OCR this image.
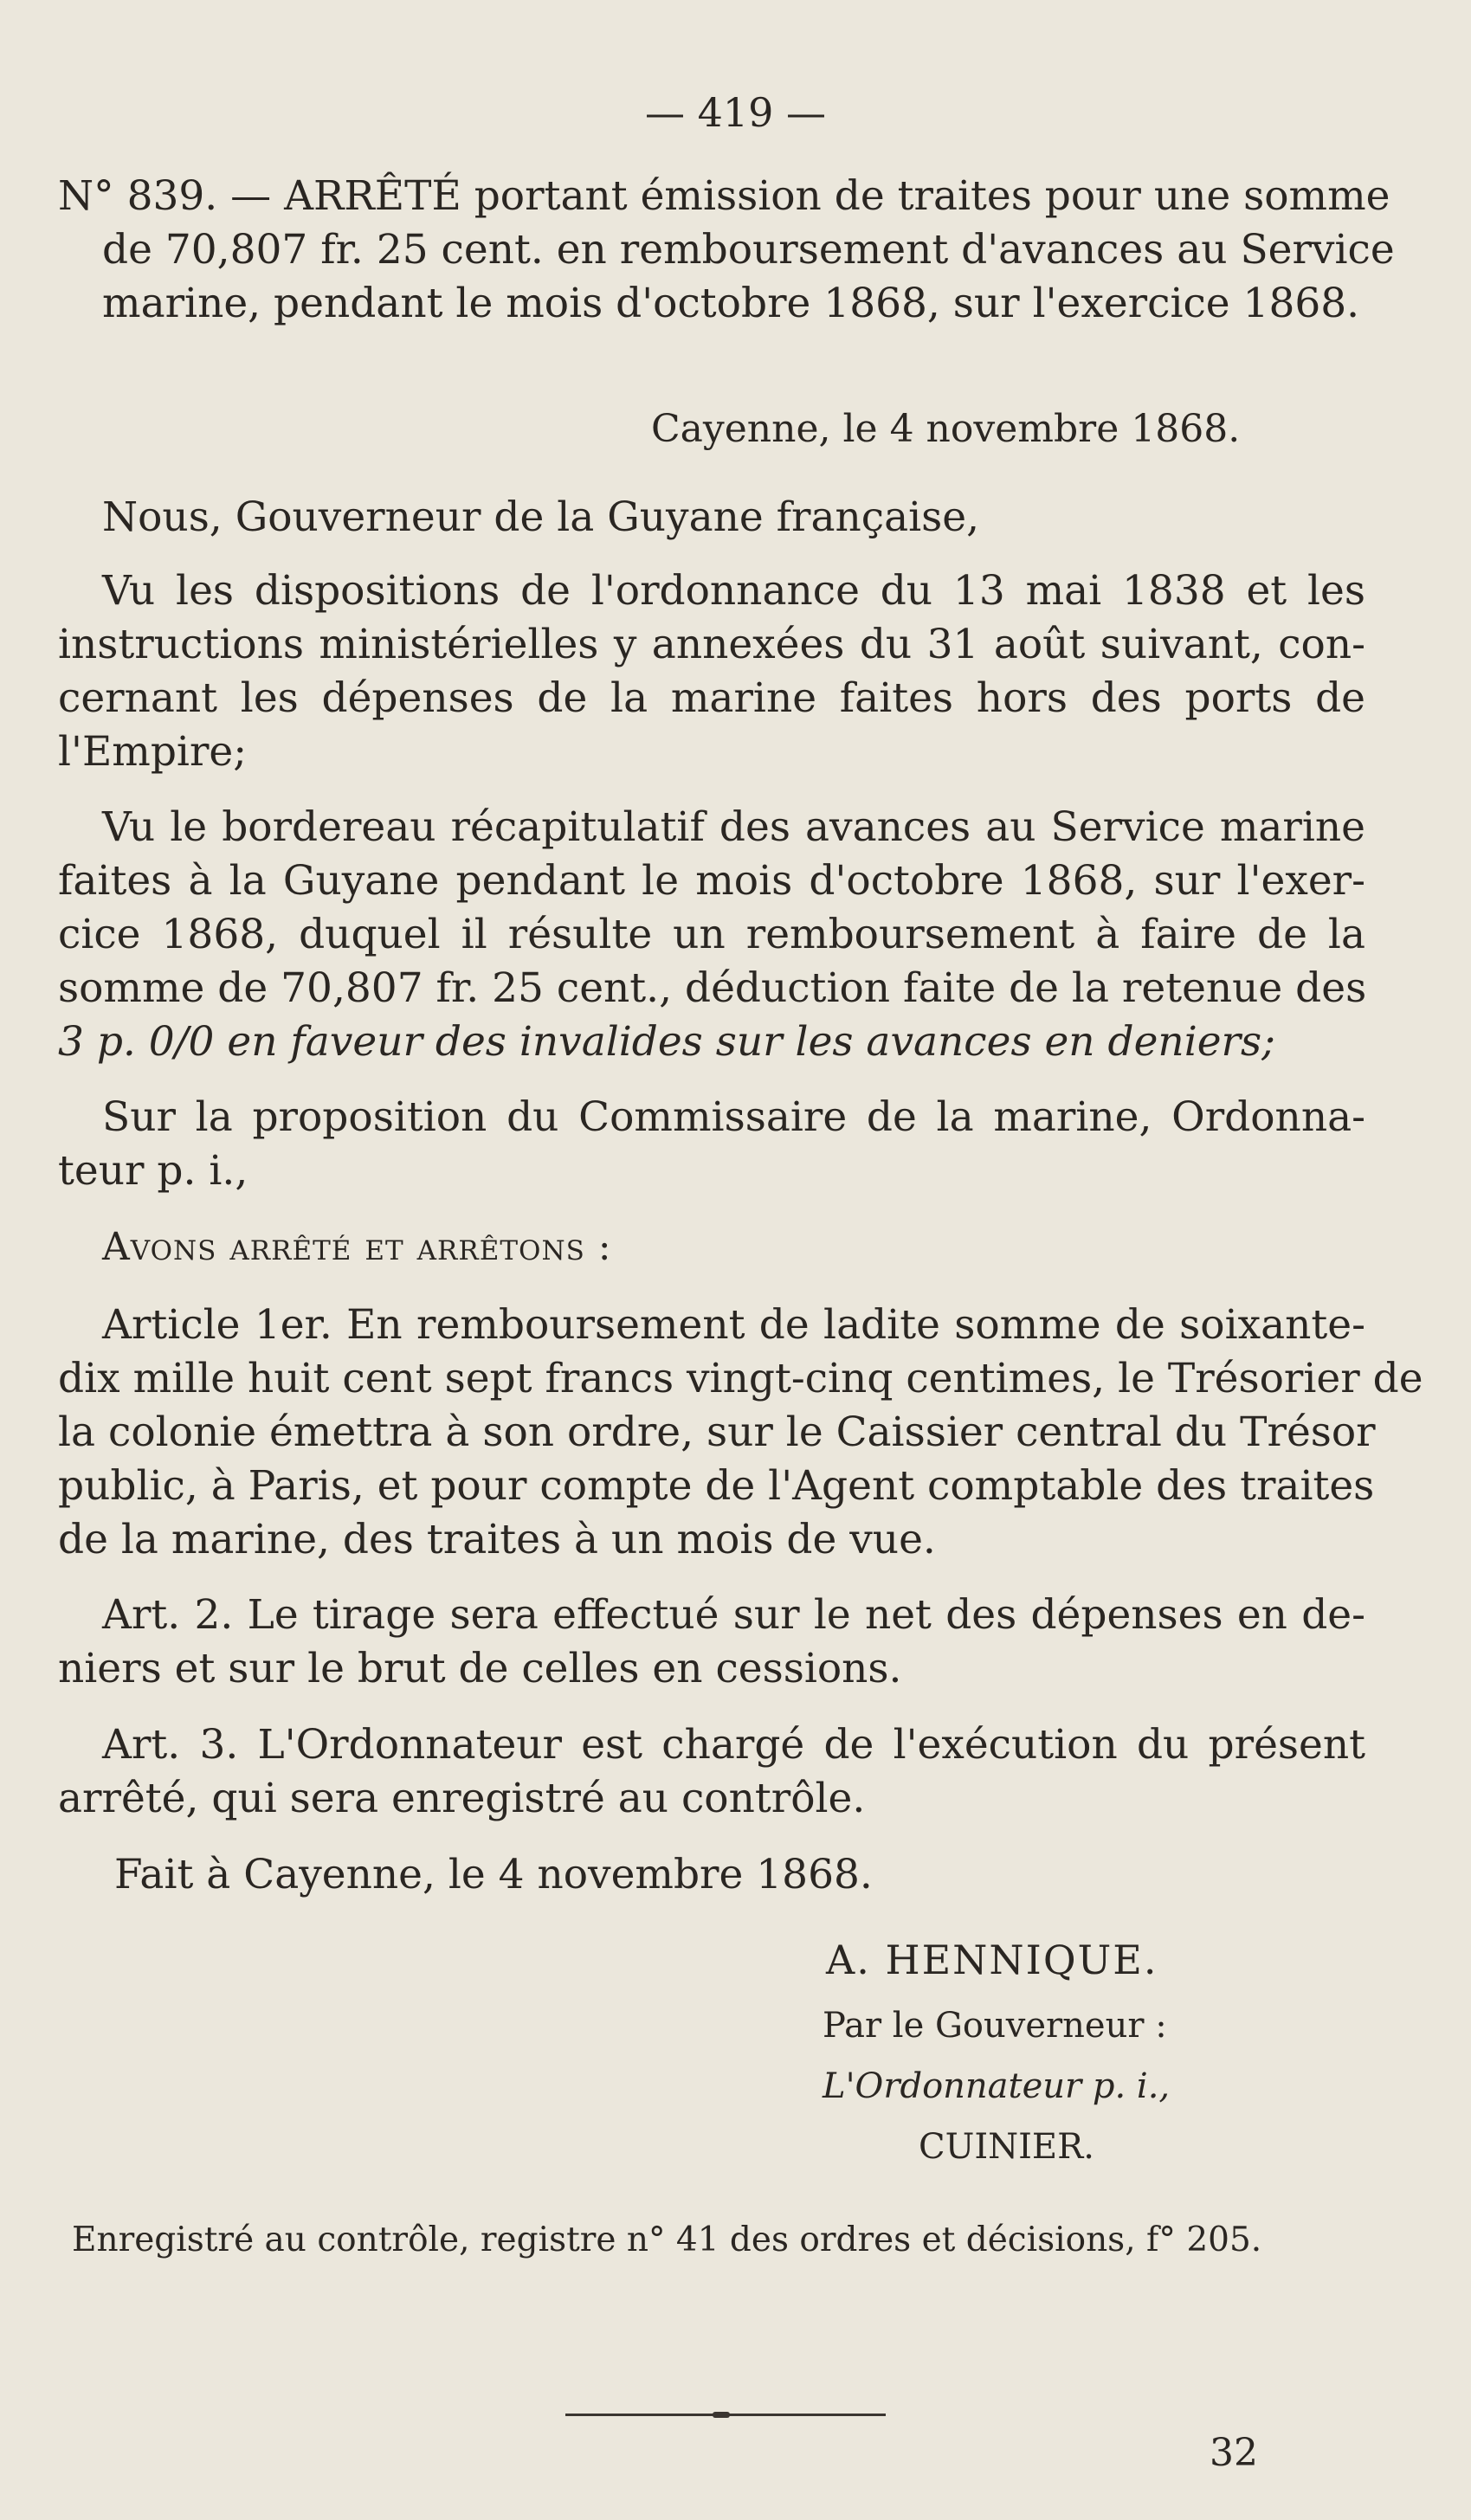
— 419 —
N° 839. — ARRÊTÉ portant émission de traites pour une somme
de 70,807 fr. 25 cent. en remboursement d'avances au Service
marine, pendant le mois d'octobre 1868, sur l'exercice 1868.
Cayenne, le 4 novembre 1868.
Nous, Gouverneur de la Guyane française,
Vu les dispositions de l'ordonnance du 13 mai 1838 et les
instructions ministérielles y annexées du 31 août suivant, con-
cernant les dépenses de la marine faites hors des ports de
l'Empire;
Vu le bordereau récapitulatif des avances au Service marine
faites à la Guyane pendant le mois d'octobre 1868, sur l'exer-
cice 1868, duquel il résulte un remboursement à faire de la
somme de 70,807 fr. 25 cent., déduction faite de la retenue des
3 p. 0/0 en faveur des invalides sur les avances en deniers;
Sur la proposition du Commissaire de la marine, Ordonna-
teur p. i.,
Avons arrêté et arrêtons :
Article 1er. En remboursement de ladite somme de soixante-
dix mille huit cent sept francs vingt-cinq centimes, le Trésorier de
la colonie émettra à son ordre, sur le Caissier central du Trésor
public, à Paris, et pour compte de l'Agent comptable des traites
de la marine, des traites à un mois de vue.
Art. 2. Le tirage sera effectué sur le net des dépenses en de-
niers et sur le brut de celles en cessions.
Art. 3. L'Ordonnateur est chargé de l'exécution du présent
arrêté, qui sera enregistré au contrôle.
Fait à Cayenne, le 4 novembre 1868.
A. HENNIQUE.
Par le Gouverneur :
L'Ordonnateur p. i.,
CUINIER.
Enregistré au contrôle, registre n° 41 des ordres et décisions, f° 205.
32
